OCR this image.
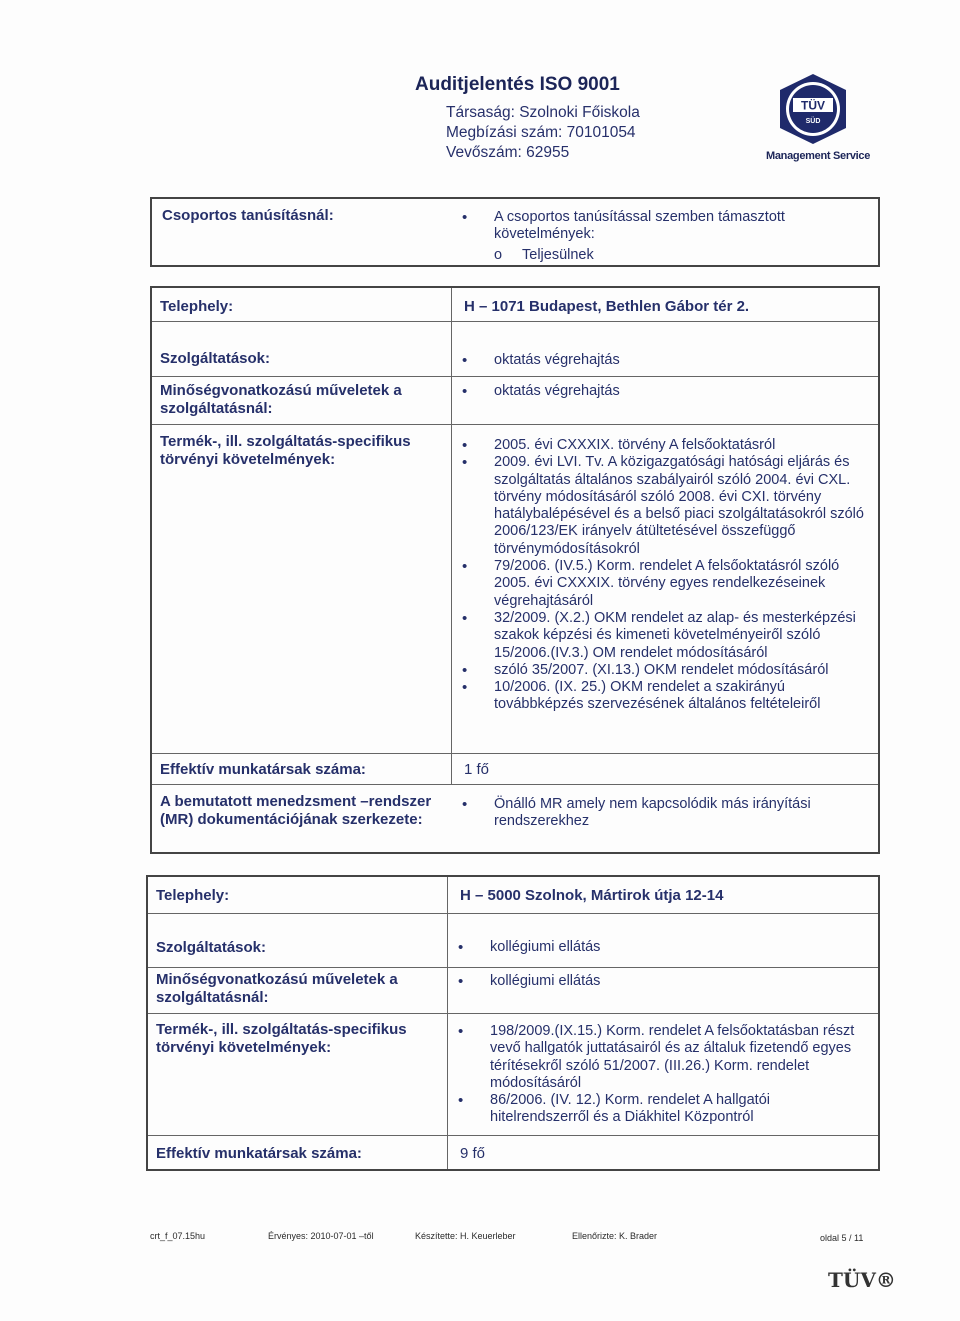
Auditjelentés ISO 9001
Társaság: Szolnoki Főiskola
Megbízási szám: 70101054
Vevőszám: 62955
TÜV
SÜD
Management Service
Csoportos tanúsításnál:	• A csoportos tanúsítással szemben támasztott követelmények:
o Teljesülnek
Telephely:	H – 1071 Budapest, Bethlen Gábor tér 2.
Szolgáltatások:	• oktatás végrehajtás
Minőségvonatkozású műveletek a szolgáltatásnál:
• oktatás végrehajtás
Termék-, ill. szolgáltatás-specifikus törvényi követelmények:
• 2005. évi CXXXIX. törvény A felsőoktatásról
• 2009. évi LVI. Tv. A közigazgatósági hatósági eljárás és szolgáltatás általános szabályairól szóló 2004. évi CXL. törvény módosításáról szóló 2008. évi CXI. törvény hatálybalépésével és a belső piaci szolgáltatásokról szóló 2006/123/EK irányelv átültetésével összefüggő törvénymódosításokról
• 79/2006. (IV.5.) Korm. rendelet A felsőoktatásról szóló 2005. évi CXXXIX. törvény egyes rendelkezéseinek végrehajtásáról
• 32/2009. (X.2.) OKM rendelet az alap- és mesterképzési szakok képzési és kimeneti követelményeiről szóló 15/2006.(IV.3.) OM rendelet módosításáról
• szóló 35/2007. (XI.13.) OKM rendelet módosításáról
• 10/2006. (IX. 25.) OKM rendelet a szakirányú továbbképzés szervezésének általános feltételeiről
Effektív munkatársak száma:	1 fő
A bemutatott menedzsment –rendszer (MR) dokumentációjának szerkezete:
• Önálló MR amely nem kapcsolódik más irányítási rendszerekhez
Telephely:	H – 5000 Szolnok, Mártirok útja 12-14
Szolgáltatások:	• kollégiumi ellátás
Minőségvonatkozású műveletek a szolgáltatásnál:
• kollégiumi ellátás
Termék-, ill. szolgáltatás-specifikus törvényi követelmények:
• 198/2009.(IX.15.) Korm. rendelet A felsőoktatásban részt vevő hallgatók juttatásairól és az általuk fizetendő egyes térítésekről szóló 51/2007. (III.26.) Korm. rendelet módosításáról
• 86/2006. (IV. 12.) Korm. rendelet A hallgatói hitelrendszerről és a Diákhitel Központról
Effektív munkatársak száma:	9 fő
crt_f_07.15hu	Érvényes: 2010-07-01 –től	Készítette: H. Keuerleber	Ellenőrizte: K. Brader	oldal 5 / 11
TÜV®
